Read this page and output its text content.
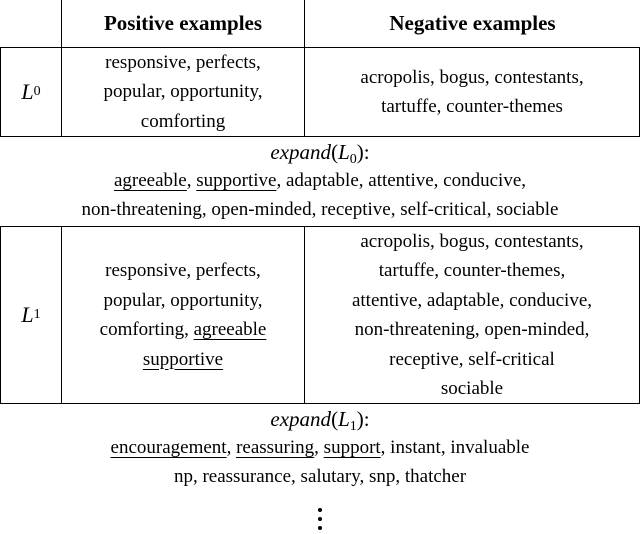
Positive examples	Negative examples
L 0
responsive, perfects,
popular, opportunity,
comforting
acropolis, bogus, contestants,
tartuffe, counter-themes
$expand(L_0)$:
agreeable, supportive, adaptable, attentive, conducive,
non-threatening, open-minded, receptive, self-critical, sociable
L 1
responsive, perfects,
popular, opportunity,
comforting, agreeable
supportive
acropolis, bogus, contestants,
tartuffe, counter-themes,
attentive, adaptable, conducive,
non-threatening, open-minded,
receptive, self-critical
sociable
$expand(L_1)$:
encouragement, reassuring, support, instant, invaluable
np, reassurance, salutary, snp, thatcher
